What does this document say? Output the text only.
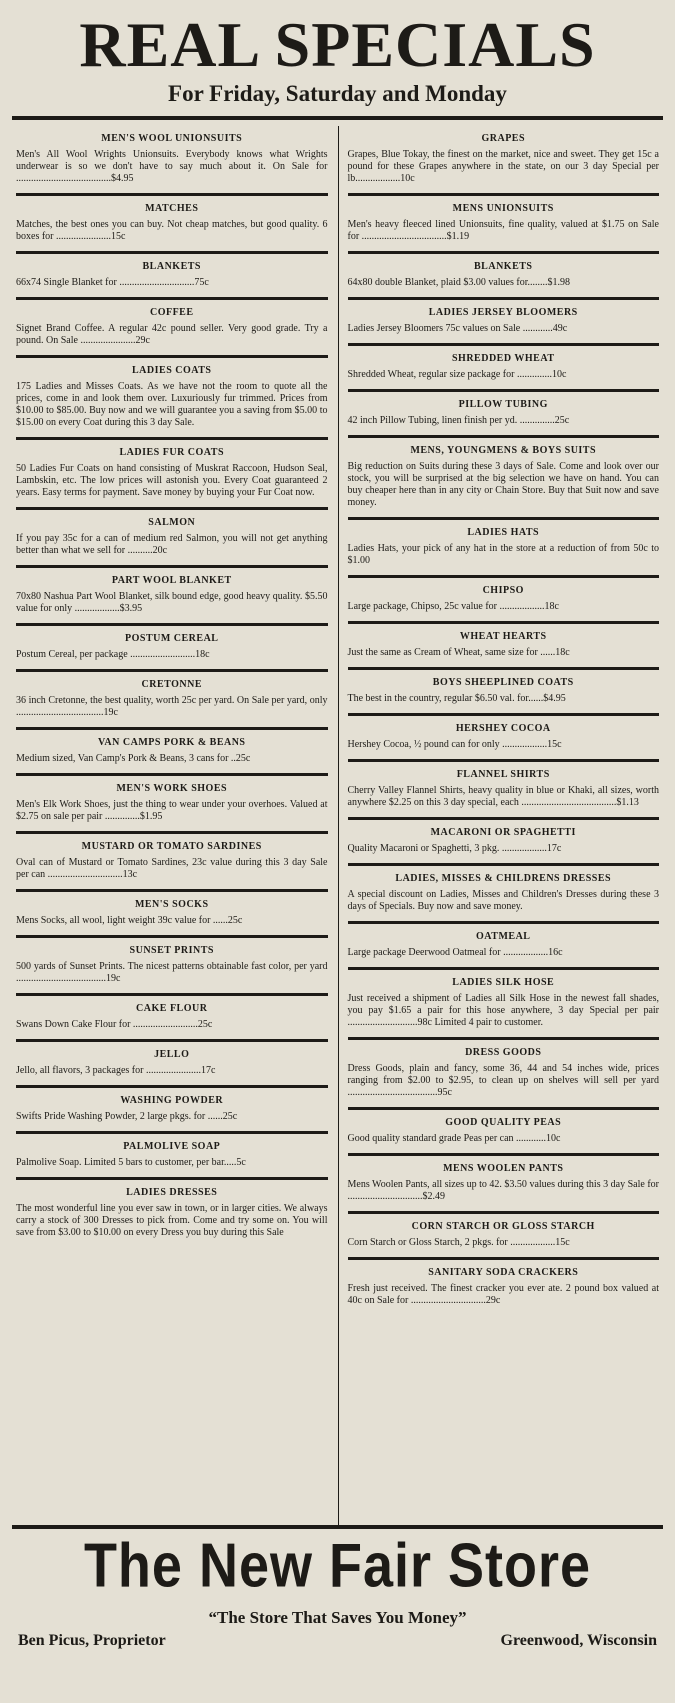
REAL SPECIALS
For Friday, Saturday and Monday
MEN'S WOOL UNIONSUITS

Men's All Wool Wrights Unionsuits. Everybody knows what Wrights underwear is so we don't have to say much about it. On Sale for ......................................$4.95

MATCHES

Matches, the best ones you can buy. Not cheap matches, but good quality. 6 boxes for ......................15c

BLANKETS

66x74 Single Blanket for ..............................75c

COFFEE

Signet Brand Coffee. A regular 42c pound seller. Very good grade. Try a pound. On Sale ......................29c

LADIES COATS

175 Ladies and Misses Coats. As we have not the room to quote all the prices, come in and look them over. Luxuriously fur trimmed. Prices from $10.00 to $85.00. Buy now and we will guarantee you a saving from $5.00 to $15.00 on every Coat during this 3 day Sale.

LADIES FUR COATS

50 Ladies Fur Coats on hand consisting of Muskrat Raccoon, Hudson Seal, Lambskin, etc. The low prices will astonish you. Every Coat guaranteed 2 years. Easy terms for payment. Save money by buying your Fur Coat now.

SALMON

If you pay 35c for a can of medium red Salmon, you will not get anything better than what we sell for ..........20c

PART WOOL BLANKET

70x80 Nashua Part Wool Blanket, silk bound edge, good heavy quality. $5.50 value for only ..................$3.95

POSTUM CEREAL

Postum Cereal, per package ..........................18c

CRETONNE

36 inch Cretonne, the best quality, worth 25c per yard. On Sale per yard, only ...................................19c

VAN CAMPS PORK & BEANS

Medium sized, Van Camp's Pork & Beans, 3 cans for ..25c

MEN'S WORK SHOES

Men's Elk Work Shoes, just the thing to wear under your overhoes. Valued at $2.75 on sale per pair ..............$1.95

MUSTARD OR TOMATO SARDINES

Oval can of Mustard or Tomato Sardines, 23c value during this 3 day Sale per can ..............................13c

MEN'S SOCKS

Mens Socks, all wool, light weight 39c value for ......25c

SUNSET PRINTS

500 yards of Sunset Prints. The nicest patterns obtainable fast color, per yard ....................................19c

CAKE FLOUR

Swans Down Cake Flour for ..........................25c

JELLO

Jello, all flavors, 3 packages for ......................17c

WASHING POWDER

Swifts Pride Washing Powder, 2 large pkgs. for ......25c

PALMOLIVE SOAP

Palmolive Soap. Limited 5 bars to customer, per bar.....5c

LADIES DRESSES

The most wonderful line you ever saw in town, or in larger cities. We always carry a stock of 300 Dresses to pick from. Come and try some on. You will save from $3.00 to $10.00 on every Dress you buy during this Sale

GRAPES

Grapes, Blue Tokay, the finest on the market, nice and sweet. They get 15c a pound for these Grapes anywhere in the state, on our 3 day Special per lb..................10c

MENS UNIONSUITS

Men's heavy fleeced lined Unionsuits, fine quality, valued at $1.75 on Sale for ..................................$1.19

BLANKETS

64x80 double Blanket, plaid $3.00 values for........$1.98

LADIES JERSEY BLOOMERS

Ladies Jersey Bloomers 75c values on Sale ............49c

SHREDDED WHEAT

Shredded Wheat, regular size package for ..............10c

PILLOW TUBING

42 inch Pillow Tubing, linen finish per yd. ..............25c

MENS, YOUNGMENS & BOYS SUITS

Big reduction on Suits during these 3 days of Sale. Come and look over our stock, you will be surprised at the big selection we have on hand. You can buy cheaper here than in any city or Chain Store. Buy that Suit now and save money.

LADIES HATS

Ladies Hats, your pick of any hat in the store at a reduction of from 50c to $1.00

CHIPSO

Large package, Chipso, 25c value for ..................18c

WHEAT HEARTS

Just the same as Cream of Wheat, same size for ......18c

BOYS SHEEPLINED COATS

The best in the country, regular $6.50 val. for......$4.95

HERSHEY COCOA

Hershey Cocoa, ½ pound can for only ..................15c

FLANNEL SHIRTS

Cherry Valley Flannel Shirts, heavy quality in blue or Khaki, all sizes, worth anywhere $2.25 on this 3 day special, each ......................................$1.13

MACARONI OR SPAGHETTI

Quality Macaroni or Spaghetti, 3 pkg. ..................17c

LADIES, MISSES & CHILDRENS DRESSES

A special discount on Ladies, Misses and Children's Dresses during these 3 days of Specials. Buy now and save money.

OATMEAL

Large package Deerwood Oatmeal for ..................16c

LADIES SILK HOSE

Just received a shipment of Ladies all Silk Hose in the newest fall shades, you pay $1.65 a pair for this hose anywhere, 3 day Special per pair ............................98c Limited 4 pair to customer.

DRESS GOODS

Dress Goods, plain and fancy, some 36, 44 and 54 inches wide, prices ranging from $2.00 to $2.95, to clean up on shelves will sell per yard ....................................95c

GOOD QUALITY PEAS

Good quality standard grade Peas per can ............10c

MENS WOOLEN PANTS

Mens Woolen Pants, all sizes up to 42. $3.50 values during this 3 day Sale for ..............................$2.49

CORN STARCH OR GLOSS STARCH

Corn Starch or Gloss Starch, 2 pkgs. for ..................15c

SANITARY SODA CRACKERS

Fresh just received. The finest cracker you ever ate. 2 pound box valued at 40c on Sale for ..............................29c

The New Fair Store
“The Store That Saves You Money”
Ben Picus, Proprietor	Greenwood, Wisconsin
